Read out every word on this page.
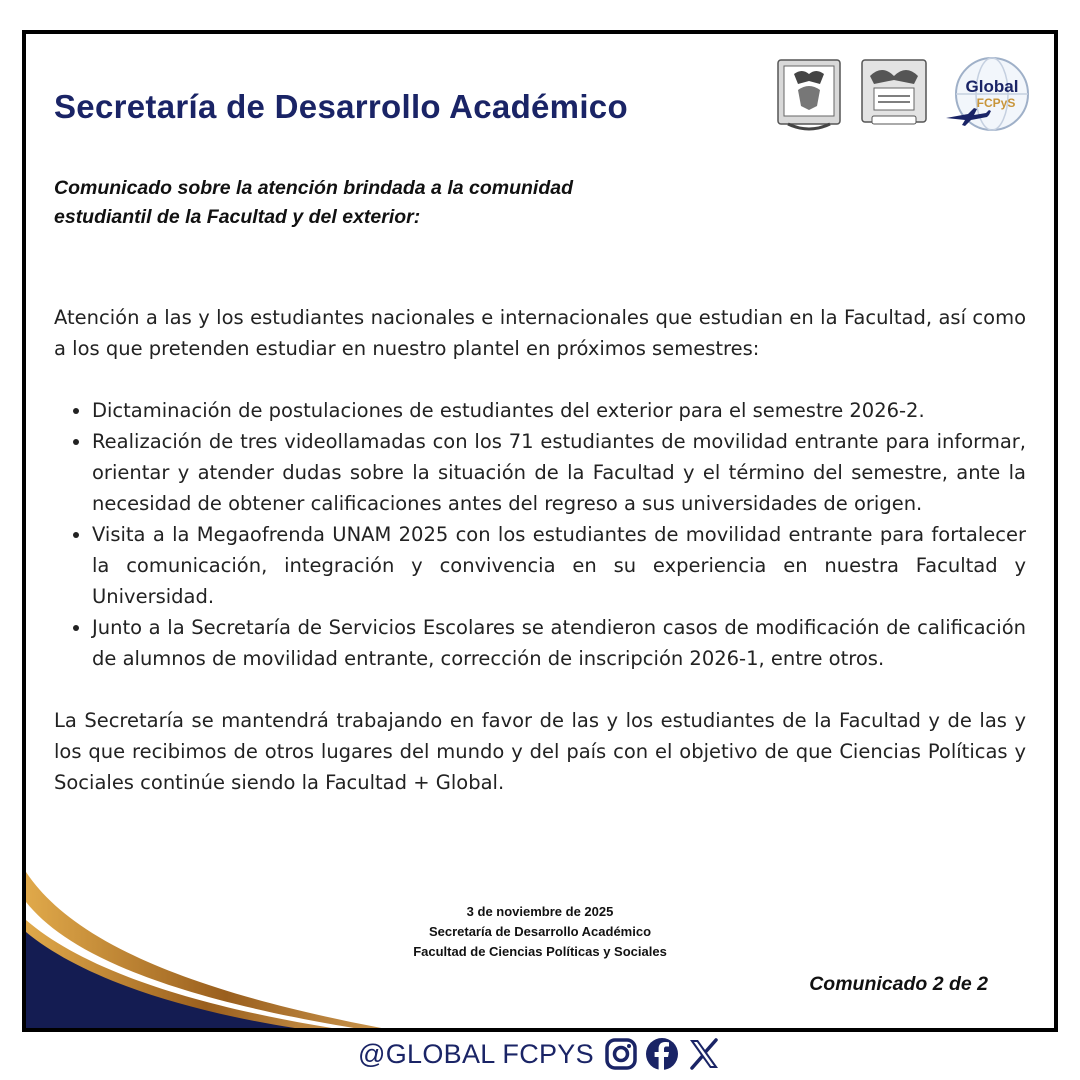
Secretaría de Desarrollo Académico
Global
FCPyS
Comunicado sobre la atención brindada a la comunidad
estudiantil de la Facultad y del exterior:

Atención a las y los estudiantes nacionales e internacionales que estudian en la Facultad, así como a los que pretenden estudiar en nuestro plantel en próximos semestres:

• Dictaminación de postulaciones de estudiantes del exterior para el semestre 2026-2.
• Realización de tres videollamadas con los 71 estudiantes de movilidad entrante para informar, orientar y atender dudas sobre la situación de la Facultad y el término del semestre, ante la necesidad de obtener calificaciones antes del regreso a sus universidades de origen.
• Visita a la Megaofrenda UNAM 2025 con los estudiantes de movilidad entrante para fortalecer la comunicación, integración y convivencia en su experiencia en nuestra Facultad y Universidad.
• Junto a la Secretaría de Servicios Escolares se atendieron casos de modificación de calificación de alumnos de movilidad entrante, corrección de inscripción 2026-1, entre otros.

La Secretaría se mantendrá trabajando en favor de las y los estudiantes de la Facultad y de las y los que recibimos de otros lugares del mundo y del país con el objetivo de que Ciencias Políticas y Sociales continúe siendo la Facultad + Global.

3 de noviembre de 2025
Secretaría de Desarrollo Académico
Facultad de Ciencias Políticas y Sociales
Comunicado 2 de 2
@GLOBAL FCPYS
